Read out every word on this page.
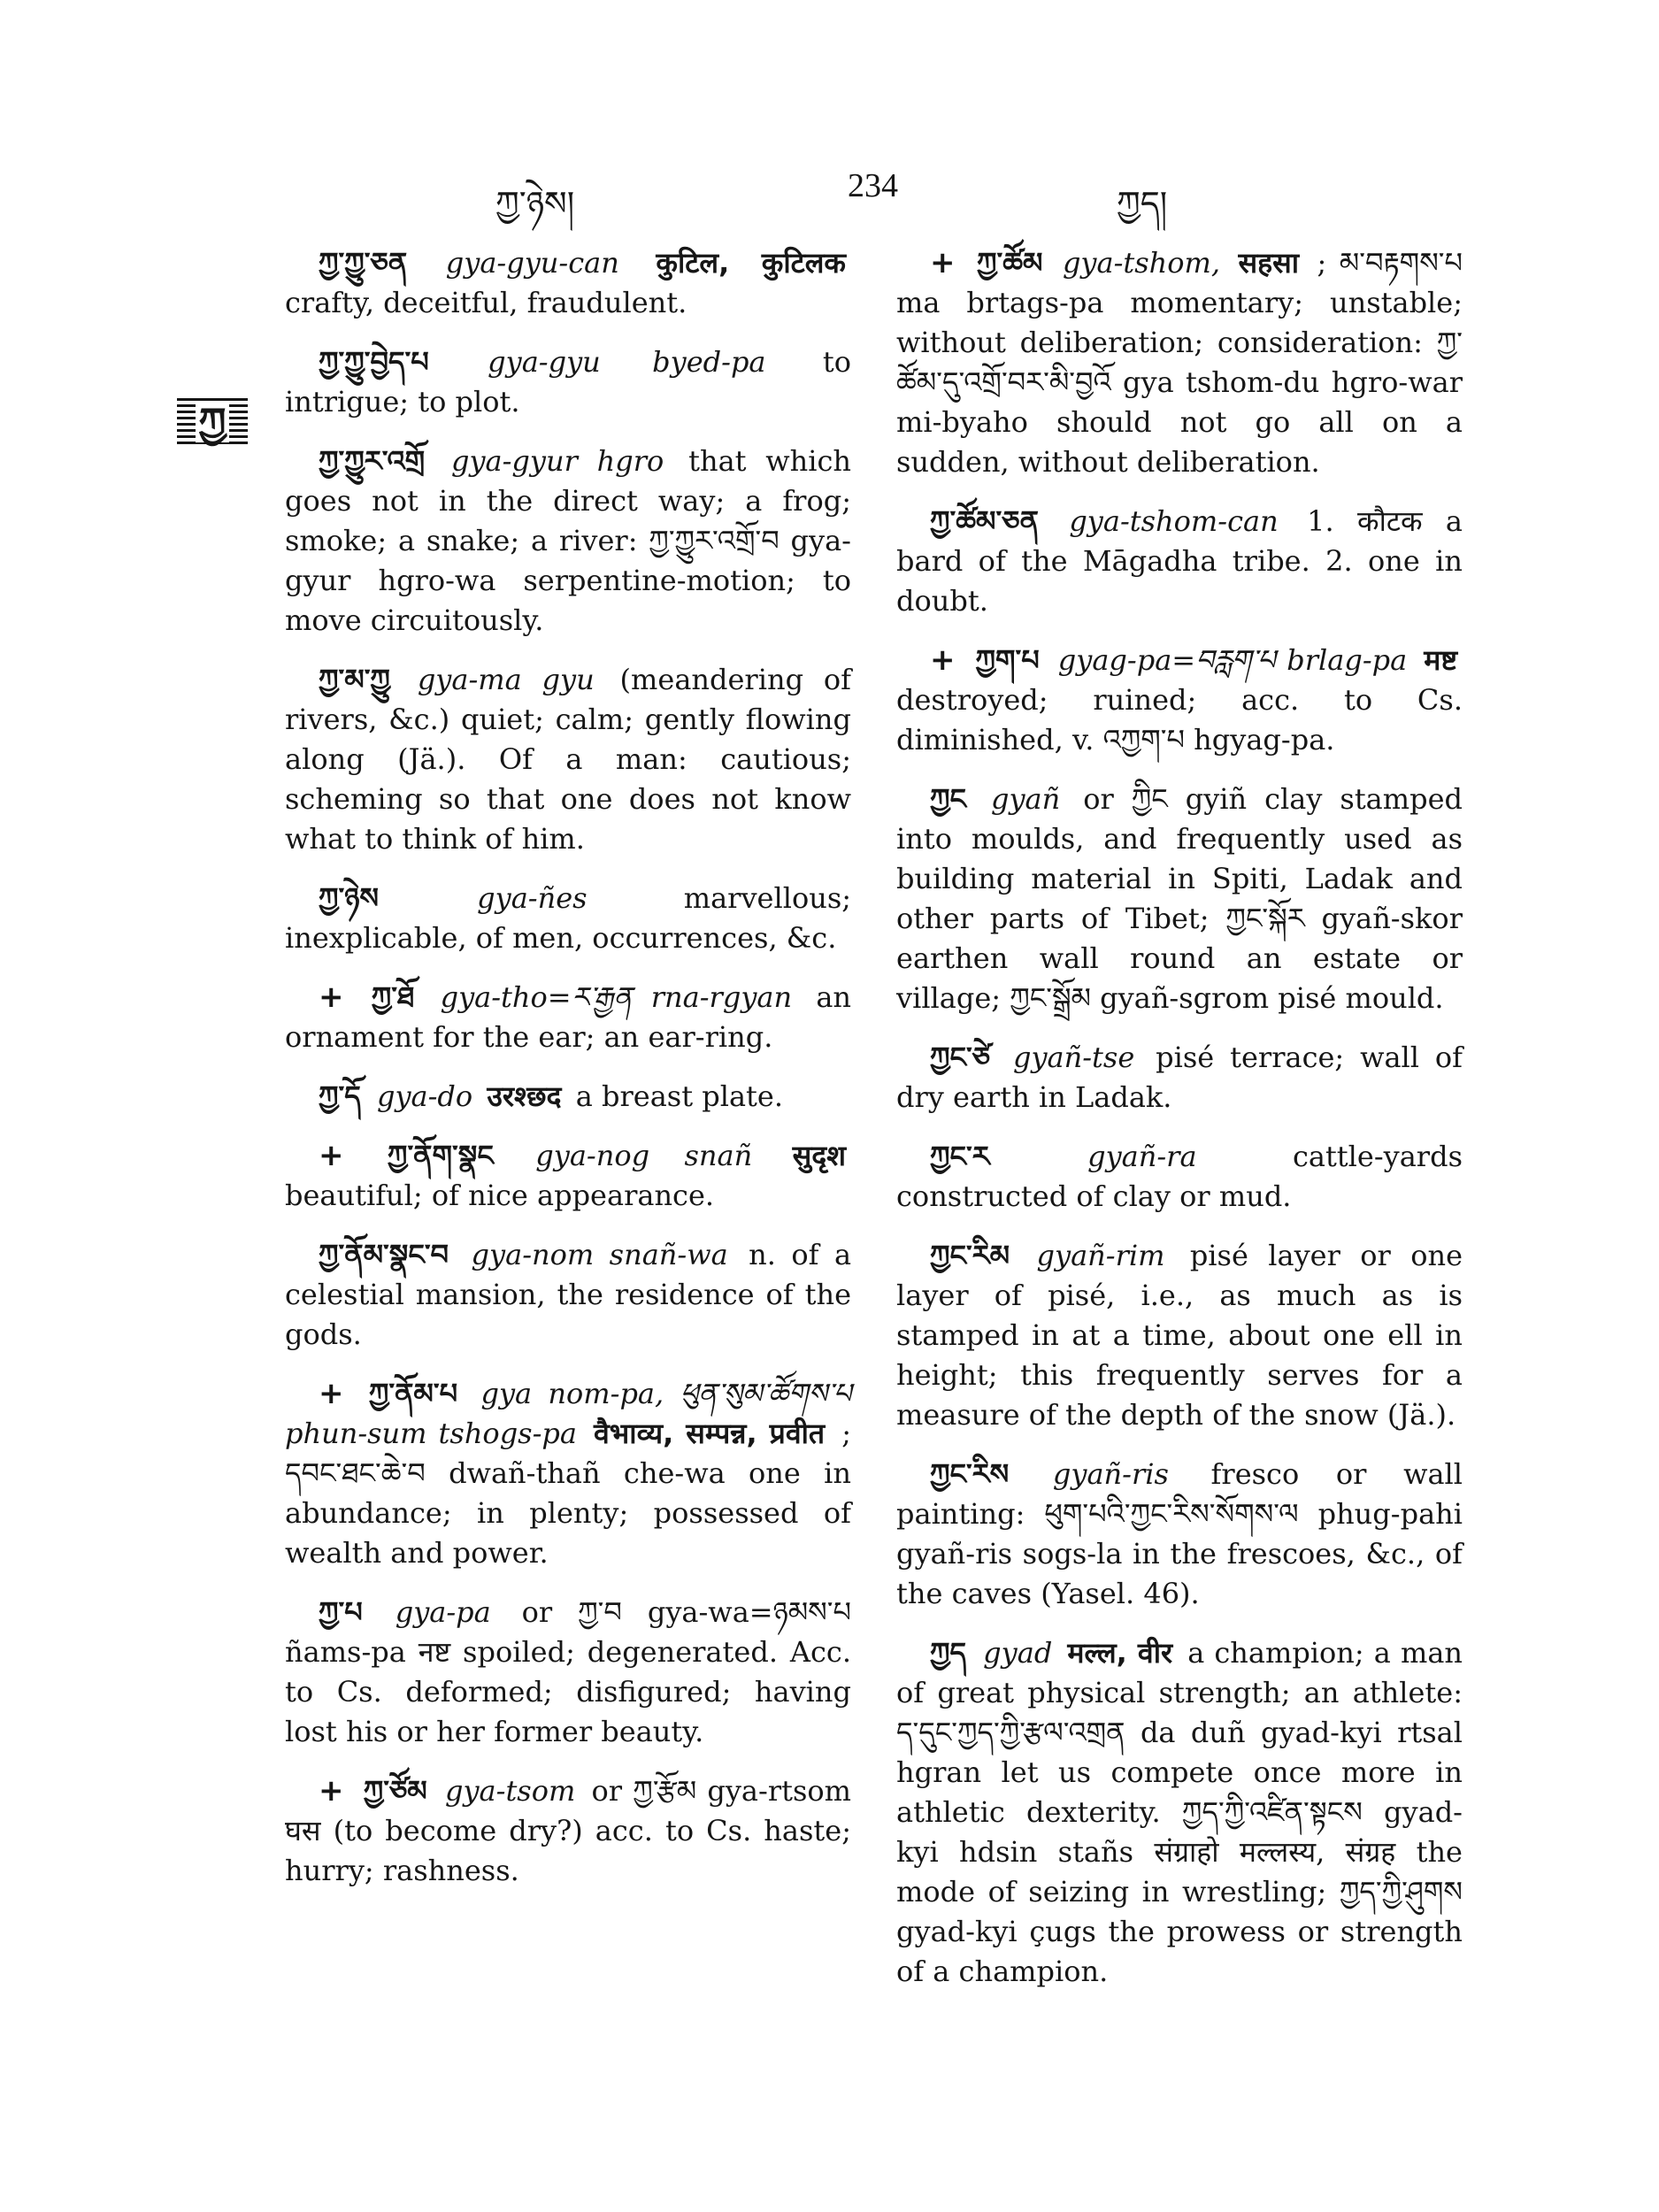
ཀྱ་ཉེས།	234	ཀྱད།
ཀྱ

ཀྱ་ཀྱུ་ཅན gya-gyu-can कुटिल, कुटिलक crafty, deceitful, fraudulent.

ཀྱ་ཀྱུ་བྱེད་པ gya-gyu byed-pa to intrigue; to plot.

ཀྱ་ཀྱུར་འགྲོ gya-gyur hgro that which goes not in the direct way; a frog; smoke; a snake; a river: ཀྱ་ཀྱུར་འགྲོ་བ gya-gyur hgro-wa serpentine-motion; to move circuitously.

ཀྱ་མ་ཀྱུ gya-ma gyu (meandering of rivers, &c.) quiet; calm; gently flowing along (Jä.). Of a man: cautious; scheming so that one does not know what to think of him.

ཀྱ་ཉེས	gya-ñes	marvellous; inexplicable, of men, occurrences, &c.

+ ཀྱ་ཐོ gya-tho=ར་རྒྱན rna-rgyan an ornament for the ear; an ear-ring.

ཀྱ་དོ gya-do उरश्छद a breast plate.

+ ཀྱ་ནོག་སྣང gya-nog snañ सुदृश beautiful; of nice appearance.

ཀྱ་ནོམ་སྣང་བ gya-nom snañ-wa n. of a celestial mansion, the residence of the gods.

+ ཀྱ་ནོམ་པ gya nom-pa, ཕུན་སུམ་ཚོགས་པ phun-sum tshogs-pa वैभाव्य, सम्पन्न, प्रवीत ; དབང་ཐང་ཆེ་བ dwañ-thañ che-wa one in abundance; in plenty; possessed of wealth and power.

ཀྱ་པ gya-pa or ཀྱ་བ gya-wa=ཉམས་པ ñams-pa नष्ट spoiled; degenerated. Acc. to Cs. deformed; disfigured; having lost his or her former beauty.

+ ཀྱ་ཙོམ gya-tsom or ཀྱ་རྩོམ gya-rtsom घस (to become dry?) acc. to Cs. haste; hurry; rashness.

+ ཀྱ་ཚོམ gya-tshom, सहसा ; མ་བརྟགས་པ ma brtags-pa momentary; unstable; without deliberation; consideration: ཀྱ་ཚོམ་དུ་འགྲོ་བར་མི་བྱའོ gya tshom-du hgro-war mi-byaho should not go all on a sudden, without deliberation.

ཀྱ་ཚོམ་ཅན gya-tshom-can 1. कौटक a bard of the Māgadha tribe. 2. one in doubt.

+ ཀྱག་པ gyag-pa=བརླག་པ brlag-pa मष्ट destroyed; ruined; acc. to Cs. diminished, v. འཀྱག་པ hgyag-pa.

ཀྱང gyañ or ཀྱིང gyiñ clay stamped into moulds, and frequently used as building material in Spiti, Ladak and other parts of Tibet; ཀྱང་སྐོར gyañ-skor earthen wall round an estate or village; ཀྱང་སྒྲོམ gyañ-sgrom pisé mould.

ཀྱང་ཙེ gyañ-tse pisé terrace; wall of dry earth in Ladak.

ཀྱང་ར	gyañ-ra	cattle-yards constructed of clay or mud.

ཀྱང་རིམ gyañ-rim pisé layer or one layer of pisé, i.e., as much as is stamped in at a time, about one ell in height; this frequently serves for a measure of the depth of the snow (Jä.).

ཀྱང་རིས gyañ-ris fresco or wall painting: ཕུག་པའི་ཀྱང་རིས་སོགས་ལ phug-pahi gyañ-ris sogs-la in the frescoes, &c., of the caves (Yasel. 46).

ཀྱད gyad मल्ल, वीर a champion; a man of great physical strength; an athlete: ད་དུང་ཀྱད་ཀྱི་རྩལ་འགྲན da duñ gyad-kyi rtsal hgran let us compete once more in athletic dexterity. ཀྱད་ཀྱི་འཛིན་སྟངས gyad-kyi hdsin stañs संग्राहो मल्लस्य, संग्रह the mode of seizing in wrestling; ཀྱད་ཀྱི་ཤུགས gyad-kyi çugs the prowess or strength of a champion.
